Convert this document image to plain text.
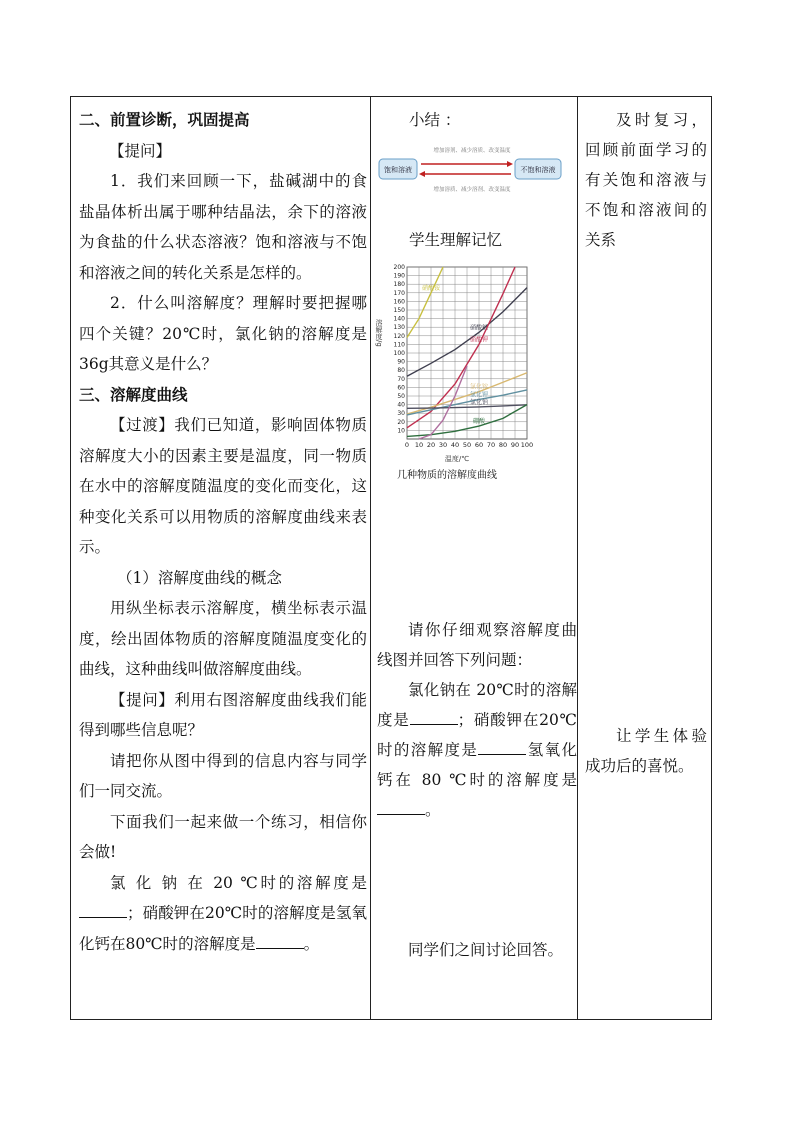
二、前置诊断，巩固提高

【提问】

1．我们来回顾一下，盐碱湖中的食盐晶体析出属于哪种结晶法，余下的溶液为食盐的什么状态溶液？饱和溶液与不饱和溶液之间的转化关系是怎样的。

2．什么叫溶解度？理解时要把握哪四个关键？20℃时，氯化钠的溶解度是36g其意义是什么？

三、溶解度曲线

【过渡】我们已知道，影响固体物质溶解度大小的因素主要是温度，同一物质在水中的溶解度随温度的变化而变化，这种变化关系可以用物质的溶解度曲线来表示。

（1）溶解度曲线的概念

用纵坐标表示溶解度，横坐标表示温度，绘出固体物质的溶解度随温度变化的曲线，这种曲线叫做溶解度曲线。

【提问】利用右图溶解度曲线我们能得到哪些信息呢？

请把你从图中得到的信息内容与同学们一同交流。

下面我们一起来做一个练习，相信你会做!

氯 化 钠 在 20 ℃时的溶解度是；硝酸钾在20℃时的溶解度是氢氧化钙在80℃时的溶解度是	。

小结 ：

增加溶剂、减少溶质、改变温度
饱和溶液	不饱和溶液
增加溶质、减少溶剂、改变温度

学生理解记忆

0 10 20 30 40 50 60 70 80 90 100
10
20
30
40
50
60
70
80
90
100
110
120
130
140
150
160
170
180
190
200
硝酸铵
硝酸钠
硝酸钾
氯化铵
氯化钾
氯化钠
硼酸
溶解度/g
温度/℃

几种物质的溶解度曲线

请你仔细观察溶解度曲线图并回答下列问题：

氯化钠在 20℃时的溶解度是	；硝酸钾在20℃时的溶解度是	氢氧化钙在 80 ℃时的溶解度是。

同学们之间讨论回答。

及时复习，回顾前面学习的有关饱和溶液与不饱和溶液间的关系

让学生体验成功后的喜悦。
